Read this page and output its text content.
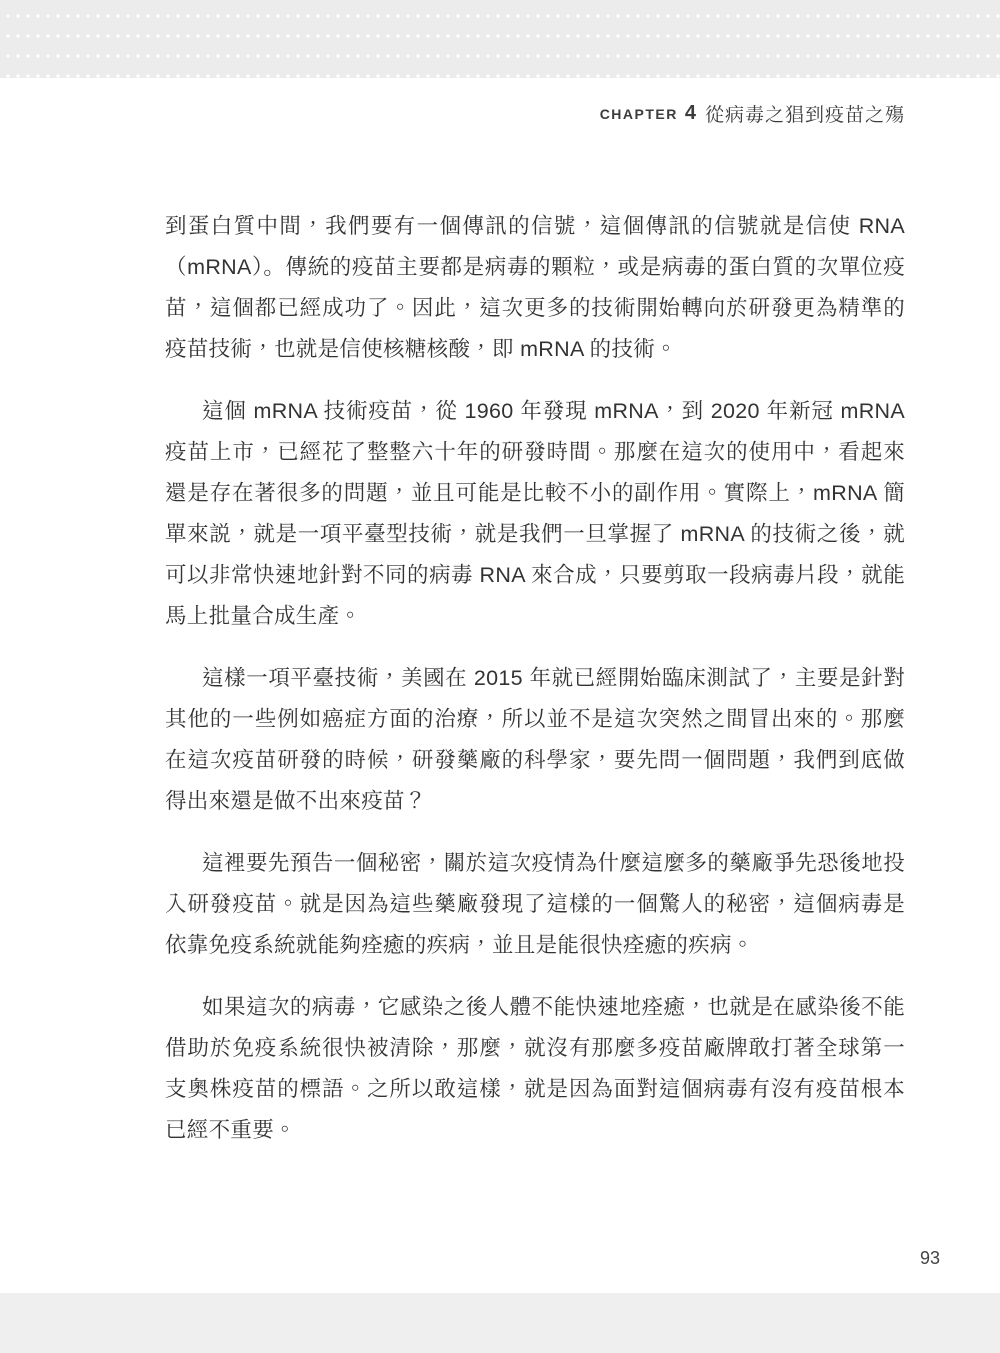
CHAPTER 4 從病毒之猖到疫苗之殤

到蛋白質中間，我們要有一個傳訊的信號，這個傳訊的信號就是信使 RNA（mRNA）。傳統的疫苗主要都是病毒的顆粒，或是病毒的蛋白質的次單位疫苗，這個都已經成功了。因此，這次更多的技術開始轉向於研發更為精準的疫苗技術，也就是信使核糖核酸，即 mRNA 的技術。

這個 mRNA 技術疫苗，從 1960 年發現 mRNA，到 2020 年新冠 mRNA 疫苗上市，已經花了整整六十年的研發時間。那麼在這次的使用中，看起來還是存在著很多的問題，並且可能是比較不小的副作用。實際上，mRNA 簡單來説，就是一項平臺型技術，就是我們一旦掌握了 mRNA 的技術之後，就可以非常快速地針對不同的病毒 RNA 來合成，只要剪取一段病毒片段，就能馬上批量合成生產。

這樣一項平臺技術，美國在 2015 年就已經開始臨床測試了，主要是針對其他的一些例如癌症方面的治療，所以並不是這次突然之間冒出來的。那麼在這次疫苗研發的時候，研發藥廠的科學家，要先問一個問題，我們到底做得出來還是做不出來疫苗？

這裡要先預告一個秘密，關於這次疫情為什麼這麼多的藥廠爭先恐後地投入研發疫苗。就是因為這些藥廠發現了這樣的一個驚人的秘密，這個病毒是依靠免疫系統就能夠痊癒的疾病，並且是能很快痊癒的疾病。

如果這次的病毒，它感染之後人體不能快速地痊癒，也就是在感染後不能借助於免疫系統很快被清除，那麼，就沒有那麼多疫苗廠牌敢打著全球第一支奧株疫苗的標語。之所以敢這樣，就是因為面對這個病毒有沒有疫苗根本已經不重要。

93
